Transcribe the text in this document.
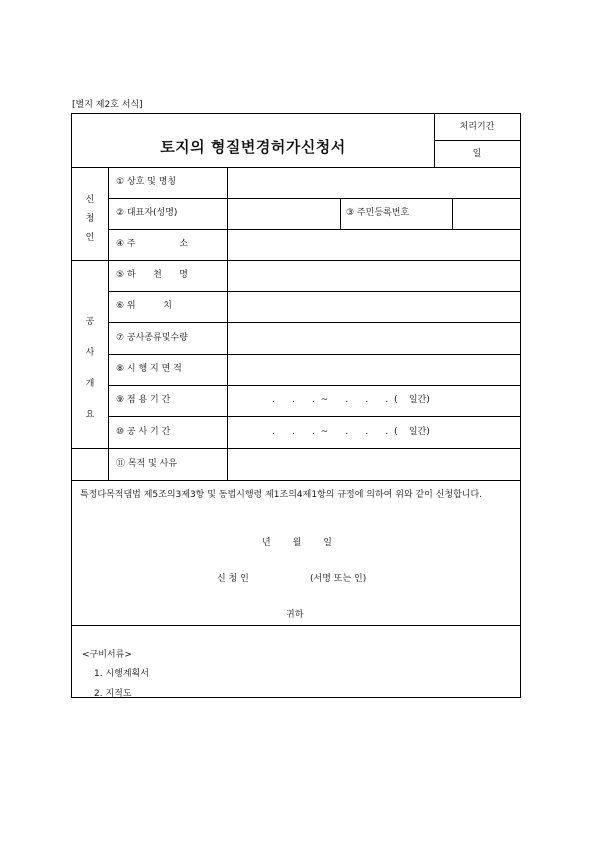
[별지 제2호 서식]
토지의 형질변경허가신청서
처리기간
일
신
청
인
① 상호 및 명칭
② 대표자(성명)	③ 주민등록번호
④ 주	소
공
사
개
요
⑤ 하 천 명
⑥ 위	치
⑦ 공사종류및수량
⑧ 시 행 지 면 적
⑨ 점 용 기 간	.      .      .  ~      .      .      .  (    일간)
⑩ 공 사 기 간	.      .      .  ~      .      .      .  (    일간)
⑪ 목적 및 사유
특정다목적댐법 제5조의3제3항 및 동법시행령 제1조의4제1항의 규정에 의하여 위와 같이 신청합니다.
년 월 일
신 청 인	(서명 또는 인)
귀하
<구비서류>
1. 시행계획서
2. 지적도
